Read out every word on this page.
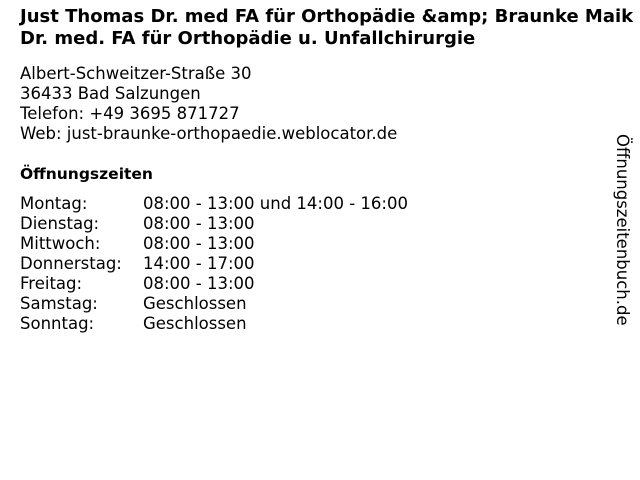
Just Thomas Dr. med FA für Orthopädie &amp; Braunke Maik Dr. med. FA für Orthopädie u. Unfallchirurgie
Albert-Schweitzer-Straße 30
36433 Bad Salzungen
Telefon: +49 3695 871727
Web: just-braunke-orthopaedie.weblocator.de
Öffnungszeiten
Montag:	08:00 - 13:00 und 14:00 - 16:00
Dienstag:	08:00 - 13:00
Mittwoch:	08:00 - 13:00
Donnerstag:	14:00 - 17:00
Freitag:	08:00 - 13:00
Samstag:	Geschlossen
Sonntag:	Geschlossen	Öffnungszeitenbuch.de
